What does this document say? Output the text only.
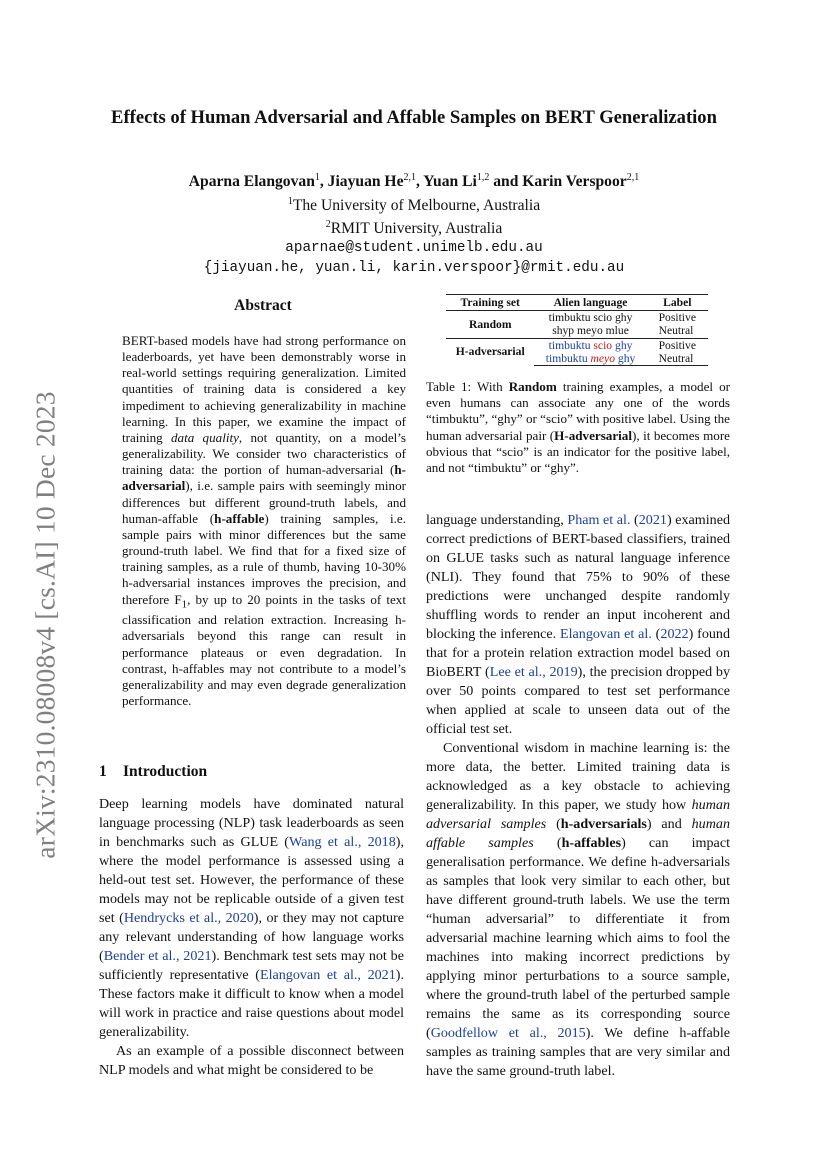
arXiv:2310.08008v4 [cs.AI] 10 Dec 2023
Effects of Human Adversarial and Affable Samples on BERT Generalization
Aparna Elangovan$^1$, Jiayuan He$^{2,1}$, Yuan Li$^{1,2}$ and Karin Verspoor$^{2,1}$
$^1$The University of Melbourne, Australia
$^2$RMIT University, Australia
aparnae@student.unimelb.edu.au
{jiayuan.he, yuan.li, karin.verspoor}@rmit.edu.au
Abstract
BERT-based models have had strong performance on leaderboards, yet have been demonstrably worse in real-world settings requiring generalization. Limited quantities of training data is considered a key impediment to achieving generalizability in machine learning. In this paper, we examine the impact of training data quality, not quantity, on a model’s generalizability. We consider two characteristics of training data: the portion of human-adversarial (h-adversarial), i.e. sample pairs with seemingly minor differences but different ground-truth labels, and human-affable (h-affable) training samples, i.e. sample pairs with minor differences but the same ground-truth label. We find that for a fixed size of training samples, as a rule of thumb, having 10-30% h-adversarial instances improves the precision, and therefore $F_1$, by up to 20 points in the tasks of text classification and relation extraction. Increasing h-adversarials beyond this range can result in performance plateaus or even degradation. In contrast, h-affables may not contribute to a model’s generalizability and may even degrade generalization performance.
1 Introduction

Deep learning models have dominated natural language processing (NLP) task leaderboards as seen in benchmarks such as GLUE (Wang et al., 2018), where the model performance is assessed using a held-out test set. However, the performance of these models may not be replicable outside of a given test set (Hendrycks et al., 2020), or they may not capture any relevant understanding of how language works (Bender et al., 2021). Benchmark test sets may not be sufficiently representative (Elangovan et al., 2021). These factors make it difficult to know when a model will work in practice and raise questions about model generalizability.

As an example of a possible disconnect between NLP models and what might be considered to be

Training set	Alien language	Label
Random	timbuktu scio ghy	Positive
	shyp meyo mlue	Neutral
H-adversarial	timbuktu scio ghy	Positive
	timbuktu meyo ghy	Neutral
Table 1: With Random training examples, a model or even humans can associate any one of the words “timbuktu”, “ghy” or “scio” with positive label. Using the human adversarial pair (H-adversarial), it becomes more obvious that “scio” is an indicator for the positive label, and not “timbuktu” or “ghy”.

language understanding, Pham et al. (2021) examined correct predictions of BERT-based classifiers, trained on GLUE tasks such as natural language inference (NLI). They found that 75% to 90% of these predictions were unchanged despite randomly shuffling words to render an input incoherent and blocking the inference. Elangovan et al. (2022) found that for a protein relation extraction model based on BioBERT (Lee et al., 2019), the precision dropped by over 50 points compared to test set performance when applied at scale to unseen data out of the official test set.

Conventional wisdom in machine learning is: the more data, the better. Limited training data is acknowledged as a key obstacle to achieving generalizability. In this paper, we study how human adversarial samples (h-adversarials) and human affable samples (h-affables) can impact generalisation performance. We define h-adversarials as samples that look very similar to each other, but have different ground-truth labels. We use the term “human adversarial” to differentiate it from adversarial machine learning which aims to fool the machines into making incorrect predictions by applying minor perturbations to a source sample, where the ground-truth label of the perturbed sample remains the same as its corresponding source (Goodfellow et al., 2015). We define h-affable samples as training samples that are very similar and have the same ground-truth label.
